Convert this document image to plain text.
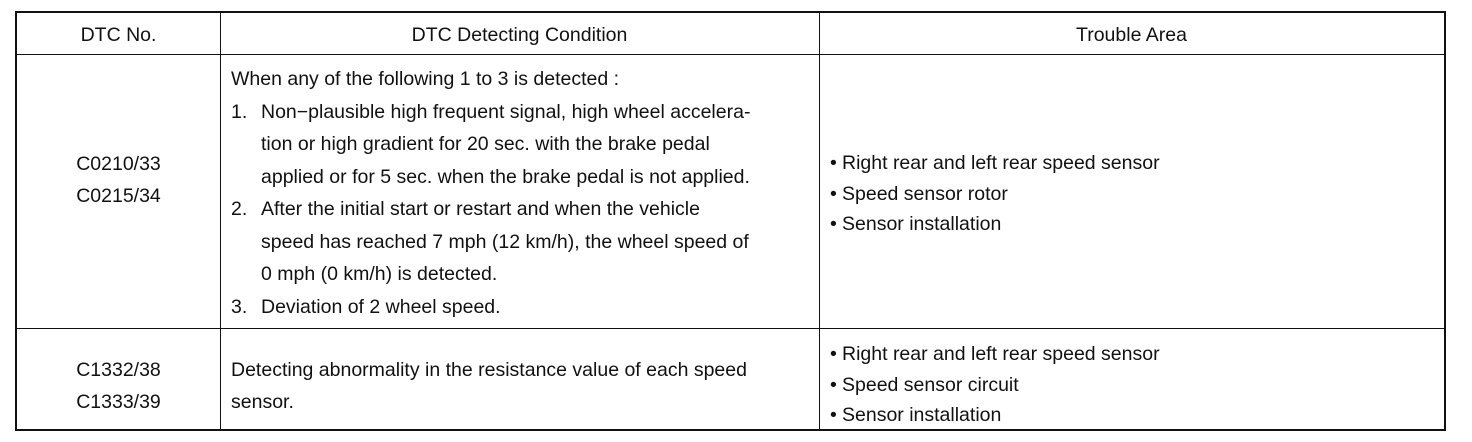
DTC No.	DTC Detecting Condition	Trouble Area
C0210/33
C0215/34
When any of the following 1 to 3 is detected :
1. Non−plausible high frequent signal, high wheel accelera-
tion or high gradient for 20 sec. with the brake pedal
applied or for 5 sec. when the brake pedal is not applied.
2. After the initial start or restart and when the vehicle
speed has reached 7 mph (12 km/h), the wheel speed of
0 mph (0 km/h) is detected.
3. Deviation of 2 wheel speed.
• Right rear and left rear speed sensor
• Speed sensor rotor
• Sensor installation
C1332/38
C1333/39
Detecting abnormality in the resistance value of each speed
sensor.
• Right rear and left rear speed sensor
• Speed sensor circuit
• Sensor installation
